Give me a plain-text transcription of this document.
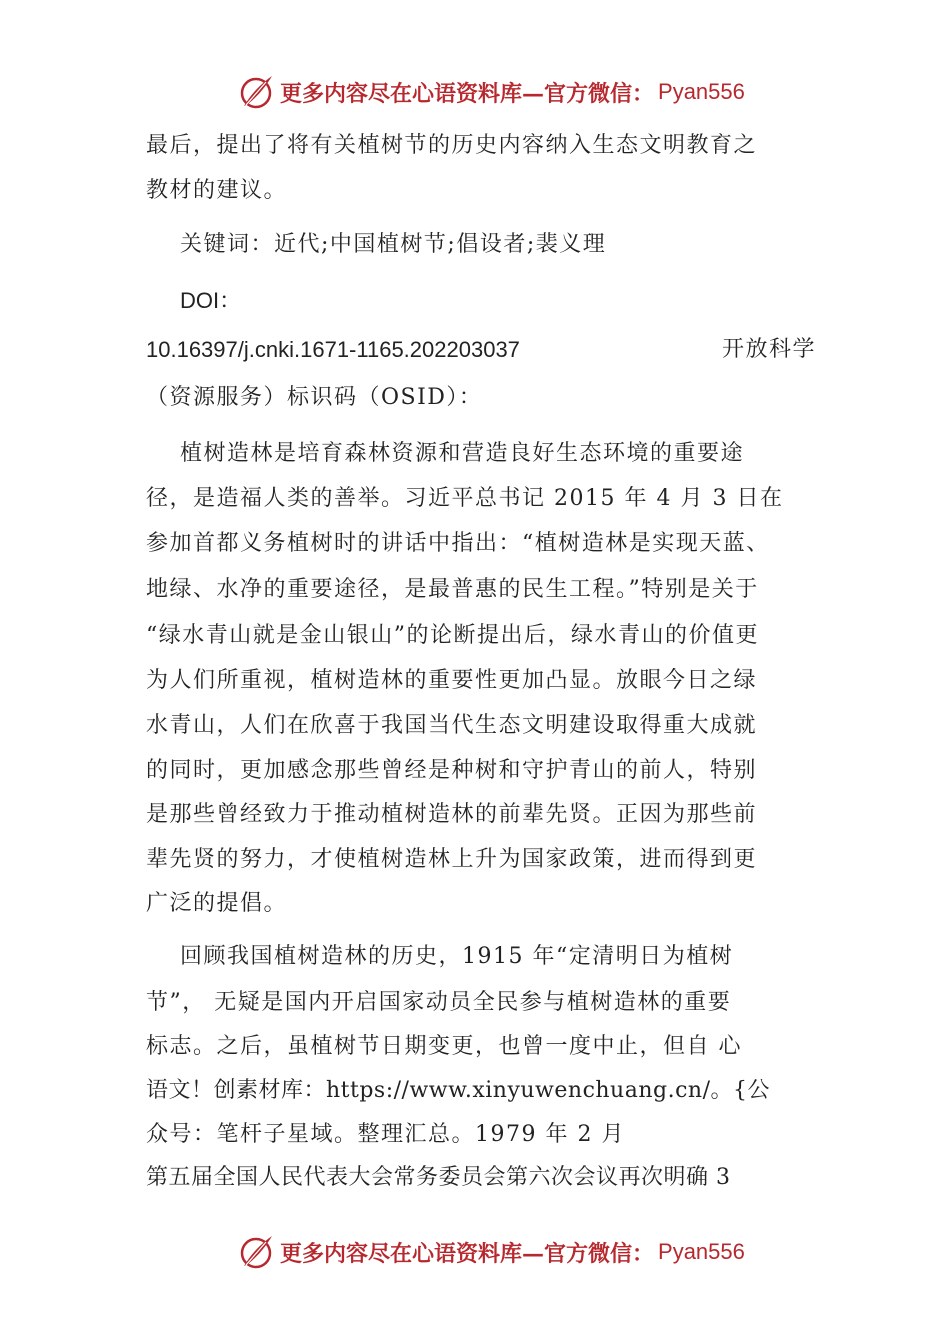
更多内容尽在心语资料库—官方微信： Pyan556
最后，提出了将有关植树节的历史内容纳入生态文明教育之
教材的建议。
关键词：近代;中国植树节;倡设者;裴义理
DOI：
10.16397/j.cnki.1671-1165.202203037	开放科学
（资源服务）标识码（OSID）：
植树造林是培育森林资源和营造良好生态环境的重要途
径，是造福人类的善举。习近平总书记 2015 年 4 月 3 日在
参加首都义务植树时的讲话中指出：“植树造林是实现天蓝、
地绿、水净的重要途径，是最普惠的民生工程。”特别是关于
“绿水青山就是金山银山”的论断提出后，绿水青山的价值更
为人们所重视，植树造林的重要性更加凸显。放眼今日之绿
水青山，人们在欣喜于我国当代生态文明建设取得重大成就
的同时，更加感念那些曾经是种树和守护青山的前人，特别
是那些曾经致力于推动植树造林的前辈先贤。正因为那些前
辈先贤的努力，才使植树造林上升为国家政策，进而得到更
广泛的提倡。
回顾我国植树造林的历史，1915 年“定清明日为植树
节”， 无疑是国内开启国家动员全民参与植树造林的重要
标志。之后，虽植树节日期变更，也曾一度中止，但自 心
语文！创素材库：https://www.xinyuwenchuang.cn/。{公
众号：笔杆子星域。整理汇总。1979 年 2 月
第五届全国人民代表大会常务委员会第六次会议再次明确 3
更多内容尽在心语资料库—官方微信： Pyan556
